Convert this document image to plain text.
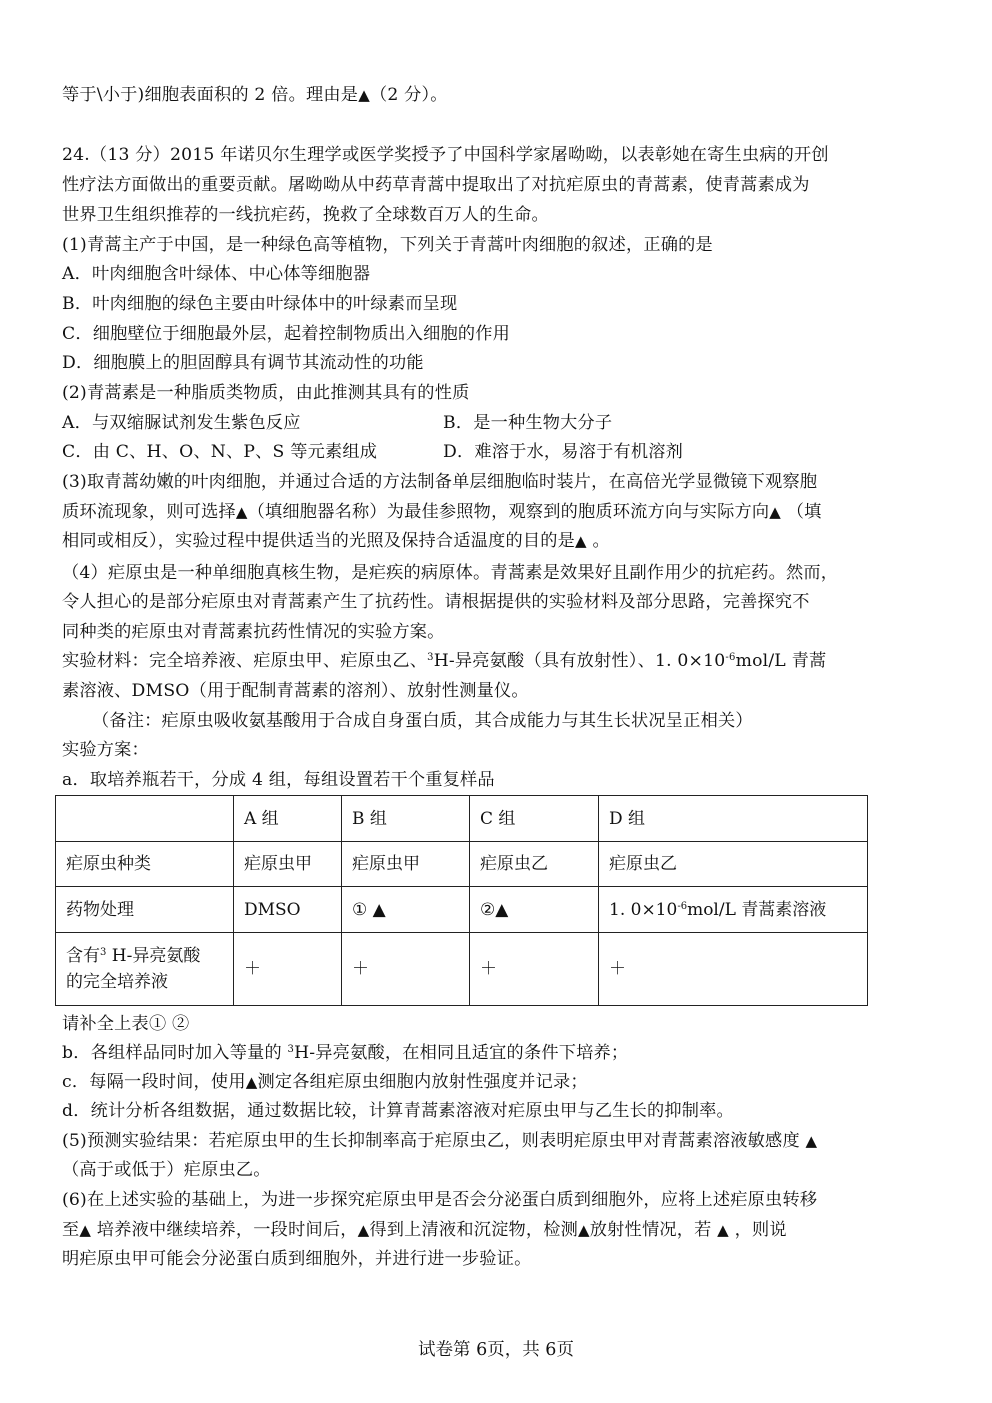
等于\小于)细胞表面积的 2 倍。理由是▲（2 分）。
24.（13 分）2015 年诺贝尔生理学或医学奖授予了中国科学家屠呦呦，以表彰她在寄生虫病的开创
性疗法方面做出的重要贡献。屠呦呦从中药草青蒿中提取出了对抗疟原虫的青蒿素，使青蒿素成为
世界卫生组织推荐的一线抗疟药，挽救了全球数百万人的生命。
(1)青蒿主产于中国，是一种绿色高等植物，下列关于青蒿叶肉细胞的叙述，正确的是
A．叶肉细胞含叶绿体、中心体等细胞器
B．叶肉细胞的绿色主要由叶绿体中的叶绿素而呈现
C．细胞壁位于细胞最外层，起着控制物质出入细胞的作用
D．细胞膜上的胆固醇具有调节其流动性的功能
(2)青蒿素是一种脂质类物质，由此推测其具有的性质
A．与双缩脲试剂发生紫色反应	B．是一种生物大分子
C．由 C、H、O、N、P、S 等元素组成	D．难溶于水，易溶于有机溶剂
(3)取青蒿幼嫩的叶肉细胞，并通过合适的方法制备单层细胞临时装片，在高倍光学显微镜下观察胞
质环流现象，则可选择▲（填细胞器名称）为最佳参照物，观察到的胞质环流方向与实际方向▲ （填
相同或相反），实验过程中提供适当的光照及保持合适温度的目的是▲ 。
（4）疟原虫是一种单细胞真核生物，是疟疾的病原体。青蒿素是效果好且副作用少的抗疟药。然而，
令人担心的是部分疟原虫对青蒿素产生了抗药性。请根据提供的实验材料及部分思路，完善探究不
同种类的疟原虫对青蒿素抗药性情况的实验方案。
实验材料：完全培养液、疟原虫甲、疟原虫乙、$^3$H-异亮氨酸（具有放射性）、1. $0\times 10^{-6}mol/L$ 青蒿
素溶液、DMSO（用于配制青蒿素的溶剂）、放射性测量仪。
（备注：疟原虫吸收氨基酸用于合成自身蛋白质，其合成能力与其生长状况呈正相关）
实验方案：
a．取培养瓶若干，分成 4 组，每组设置若干个重复样品
请补全上表① ②
b．各组样品同时加入等量的 $^3$H-异亮氨酸，在相同且适宜的条件下培养；
c．每隔一段时间，使用▲测定各组疟原虫细胞内放射性强度并记录；
d．统计分析各组数据，通过数据比较，计算青蒿素溶液对疟原虫甲与乙生长的抑制率。
(5)预测实验结果：若疟原虫甲的生长抑制率高于疟原虫乙，则表明疟原虫甲对青蒿素溶液敏感度 ▲
（高于或低于）疟原虫乙。
(6)在上述实验的基础上，为进一步探究疟原虫甲是否会分泌蛋白质到细胞外，应将上述疟原虫转移
至▲ 培养液中继续培养，一段时间后，▲得到上清液和沉淀物，检测▲放射性情况，若 ▲ ，则说
明疟原虫甲可能会分泌蛋白质到细胞外，并进行进一步验证。
	A 组	B 组	C 组	D 组
疟原虫种类	疟原虫甲	疟原虫甲	疟原虫乙	疟原虫乙
药物处理	DMSO	① ▲	②▲	1. $0\times 10^{-6}mol/L$ 青蒿素溶液
含有$^3$ H-异亮氨酸
的完全培养液	＋	＋	＋	＋
试卷第 6页，共 6页
